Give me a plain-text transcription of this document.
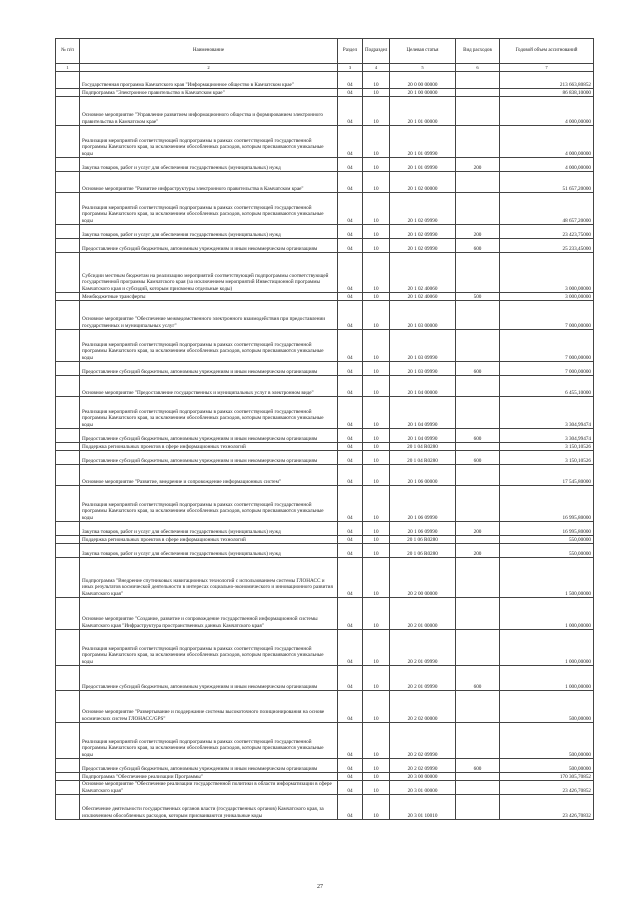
№ п/п	Наименование	Раздел	Подраздел	Целевая статья	Вид расходов	Годовой объем ассигнований
1	2	3	4	5	6	7
	Государственная программа Камчатского края "Информационное общество в Камчатском крае"	04	10	20 0 00 00000		213 663,80852
	Подпрограмма "Электронное правительство в Камчатском крае"	04	10	20 1 00 00000		86 838,10000
	Основное мероприятие "Управление развитием информационного общества и формированием электронного правительства в Камчатском крае"	04	10	20 1 01 00000		4 000,00000
	Реализация мероприятий соответствующей подпрограммы в рамках соответствующей государственной программы Камчатского края, за исключением обособленных расходов, которым присваиваются уникальные коды	04	10	20 1 01 09990		4 000,00000
	Закупка товаров, работ и услуг для обеспечения государственных (муниципальных) нужд	04	10	20 1 01 09990	200	4 000,00000
	Основное мероприятие "Развитие инфраструктуры электронного правительства в Камчатском крае"	04	10	20 1 02 00000		51 657,20000
	Реализация мероприятий соответствующей подпрограммы в рамках соответствующей государственной программы Камчатского края, за исключением обособленных расходов, которым присваиваются уникальные коды	04	10	20 1 02 09990		48 657,20000
	Закупка товаров, работ и услуг для обеспечения государственных (муниципальных) нужд	04	10	20 1 02 09990	200	23 423,75000
	Предоставление субсидий бюджетным, автономным учреждениям и иным некоммерческим организациям	04	10	20 1 02 09990	600	25 233,45000
	Субсидии местным бюджетам на реализацию мероприятий соответствующей подпрограммы соответствующей государственной программы Камчатского края (за исключением мероприятий Инвестиционной программы Камчатского края и субсидий, которым присвоены отдельные коды)	04	10	20 1 02 40060		3 000,00000
	Межбюджетные трансферты	04	10	20 1 02 40060	500	3 000,00000
	Основное мероприятие "Обеспечение межведомственного электронного взаимодействия при предоставлении государственных и муниципальных услуг"	04	10	20 1 03 00000		7 000,00000
	Реализация мероприятий соответствующей подпрограммы в рамках соответствующей государственной программы Камчатского края, за исключением обособленных расходов, которым присваиваются уникальные коды	04	10	20 1 03 09990		7 000,00000
	Предоставление субсидий бюджетным, автономным учреждениям и иным некоммерческим организациям	04	10	20 1 03 09990	600	7 000,00000
	Основное мероприятие "Предоставление государственных и муниципальных услуг в электронном виде"	04	10	20 1 04 00000		6 455,10000
	Реализация мероприятий соответствующей подпрограммы в рамках соответствующей государственной программы Камчатского края, за исключением обособленных расходов, которым присваиваются уникальные коды	04	10	20 1 04 09990		3 304,99474
	Предоставление субсидий бюджетным, автономным учреждениям и иным некоммерческим организациям	04	10	20 1 04 09990	600	3 304,99474
	Поддержка региональных проектов в сфере информационных технологий	04	10	20 1 04 R0280		3 150,10526
	Предоставление субсидий бюджетным, автономным учреждениям и иным некоммерческим организациям	04	10	20 1 04 R0280	600	3 150,10526
	Основное мероприятие "Развитие, внедрение и сопровождение информационных систем"	04	10	20 1 06 00000		17 545,80000
	Реализация мероприятий соответствующей подпрограммы в рамках соответствующей государственной программы Камчатского края, за исключением обособленных расходов, которым присваиваются уникальные коды	04	10	20 1 06 09990		16 995,80000
	Закупка товаров, работ и услуг для обеспечения государственных (муниципальных) нужд	04	10	20 1 06 09990	200	16 995,80000
	Поддержка региональных проектов в сфере информационных технологий	04	10	20 1 06 R0280		550,00000
	Закупка товаров, работ и услуг для обеспечения государственных (муниципальных) нужд	04	10	20 1 06 R0280	200	550,00000
	Подпрограмма "Внедрение спутниковых навигационных технологий с использованием системы ГЛОНАСС и иных результатов космической деятельности в интересах социально-экономического и инновационного развития Камчатского края"	04	10	20 2 00 00000		1 500,00000
	Основное мероприятие "Создание, развитие и сопровождение государственной информационной системы Камчатского края "Инфраструктура пространственных данных Камчатского края"	04	10	20 2 01 00000		1 000,00000
	Реализация мероприятий соответствующей подпрограммы в рамках соответствующей государственной программы Камчатского края, за исключением обособленных расходов, которым присваиваются уникальные коды	04	10	20 2 01 09990		1 000,00000
	Предоставление субсидий бюджетным, автономным учреждениям и иным некоммерческим организациям	04	10	20 2 01 09990	600	1 000,00000
	Основное мероприятие "Развертывание и поддержание системы высокоточного позиционирования на основе космических систем ГЛОНАСС/GPS"	04	10	20 2 02 00000		500,00000
	Реализация мероприятий соответствующей подпрограммы в рамках соответствующей государственной программы Камчатского края, за исключением обособленных расходов, которым присваиваются уникальные коды	04	10	20 2 02 09990		500,00000
	Предоставление субсидий бюджетным, автономным учреждениям и иным некоммерческим организациям	04	10	20 2 02 09990	600	500,00000
	Подпрограмма "Обеспечение реализации Программы"	04	10	20 3 00 00000		170 305,70852
	Основное мероприятие "Обеспечение реализации государственной политики в области информатизации в сфере Камчатского края"	04	10	20 3 01 00000		23 426,70852
	Обеспечение деятельности государственных органов власти (государственных органов) Камчатского края, за исключением обособленных расходов, которым присваиваются уникальные коды	04	10	20 3 01 10010		23 426,70832
27
